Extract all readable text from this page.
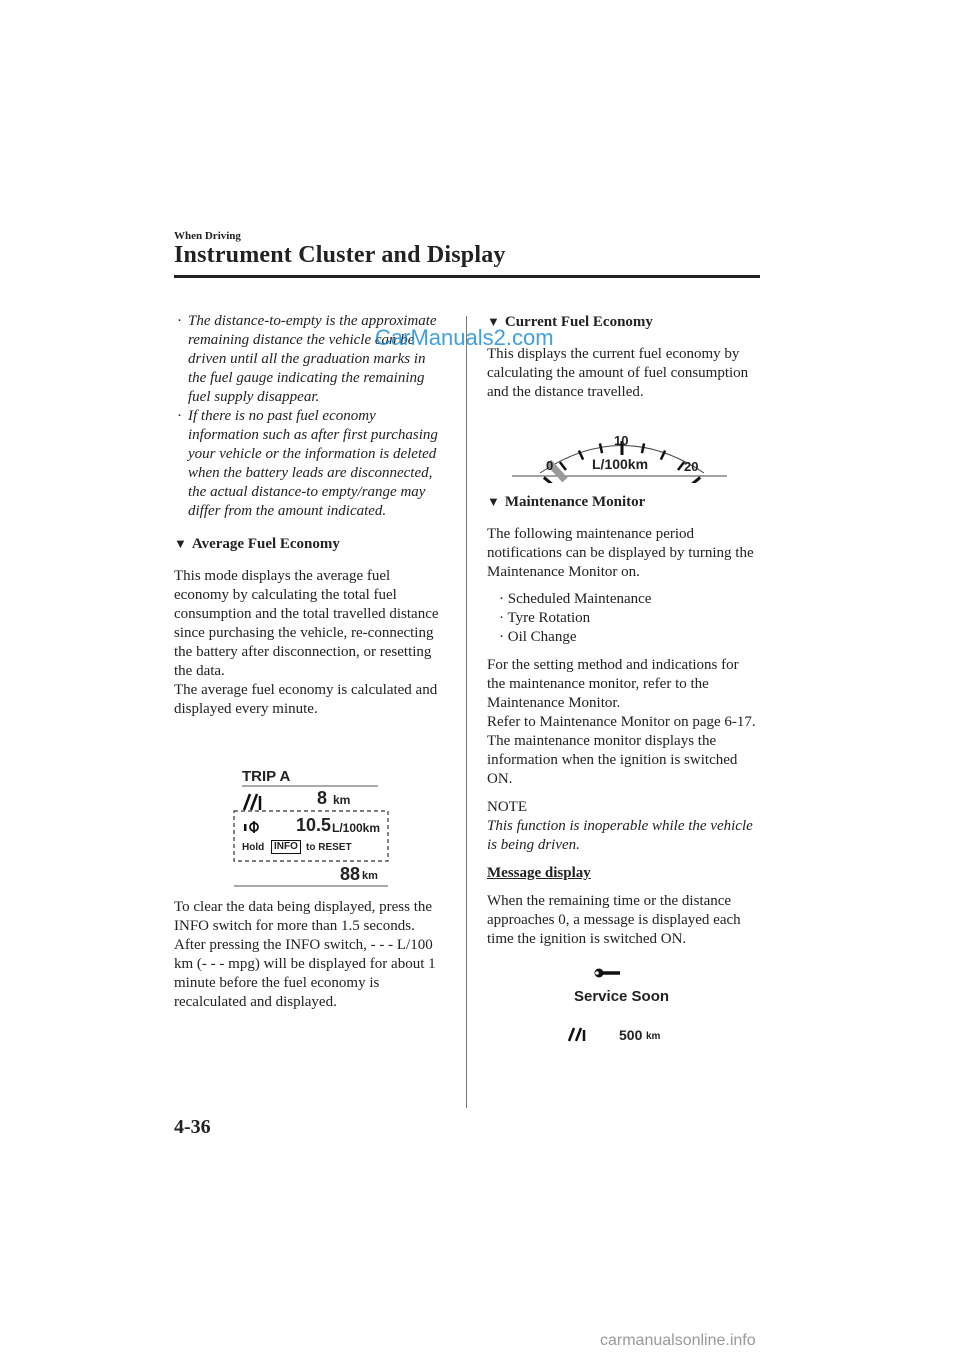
When Driving
Instrument Cluster and Display

· The distance-to-empty is the approximate remaining distance the vehicle can be driven until all the graduation marks in the fuel gauge indicating the remaining fuel supply disappear.

· If there is no past fuel economy information such as after first purchasing your vehicle or the information is deleted when the battery leads are disconnected, the actual distance-to empty/range may differ from the amount indicated.

▼ Average Fuel Economy

This mode displays the average fuel economy by calculating the total fuel consumption and the total travelled distance since purchasing the vehicle, re-connecting the battery after disconnection, or resetting the data.

The average fuel economy is calculated and displayed every minute.

TRIP A
8 km
10.5 L/100km
Hold INFO to RESET
88 km

To clear the data being displayed, press the INFO switch for more than 1.5 seconds. After pressing the INFO switch, - - - L/100 km (- - - mpg) will be displayed for about 1 minute before the fuel economy is recalculated and displayed.

CarManuals2.com

▼ Current Fuel Economy

This displays the current fuel economy by calculating the amount of fuel consumption and the distance travelled.

0
10
20
L/100km

▼ Maintenance Monitor

The following maintenance period notifications can be displayed by turning the Maintenance Monitor on.

· Scheduled Maintenance

· Tyre Rotation

· Oil Change

For the setting method and indications for the maintenance monitor, refer to the Maintenance Monitor.

Refer to Maintenance Monitor on page 6-17.

The maintenance monitor displays the information when the ignition is switched ON.

NOTE

This function is inoperable while the vehicle is being driven.

Message display

When the remaining time or the distance approaches 0, a message is displayed each time the ignition is switched ON.

Service Soon
500 km
4-36
carmanualsonline.info
